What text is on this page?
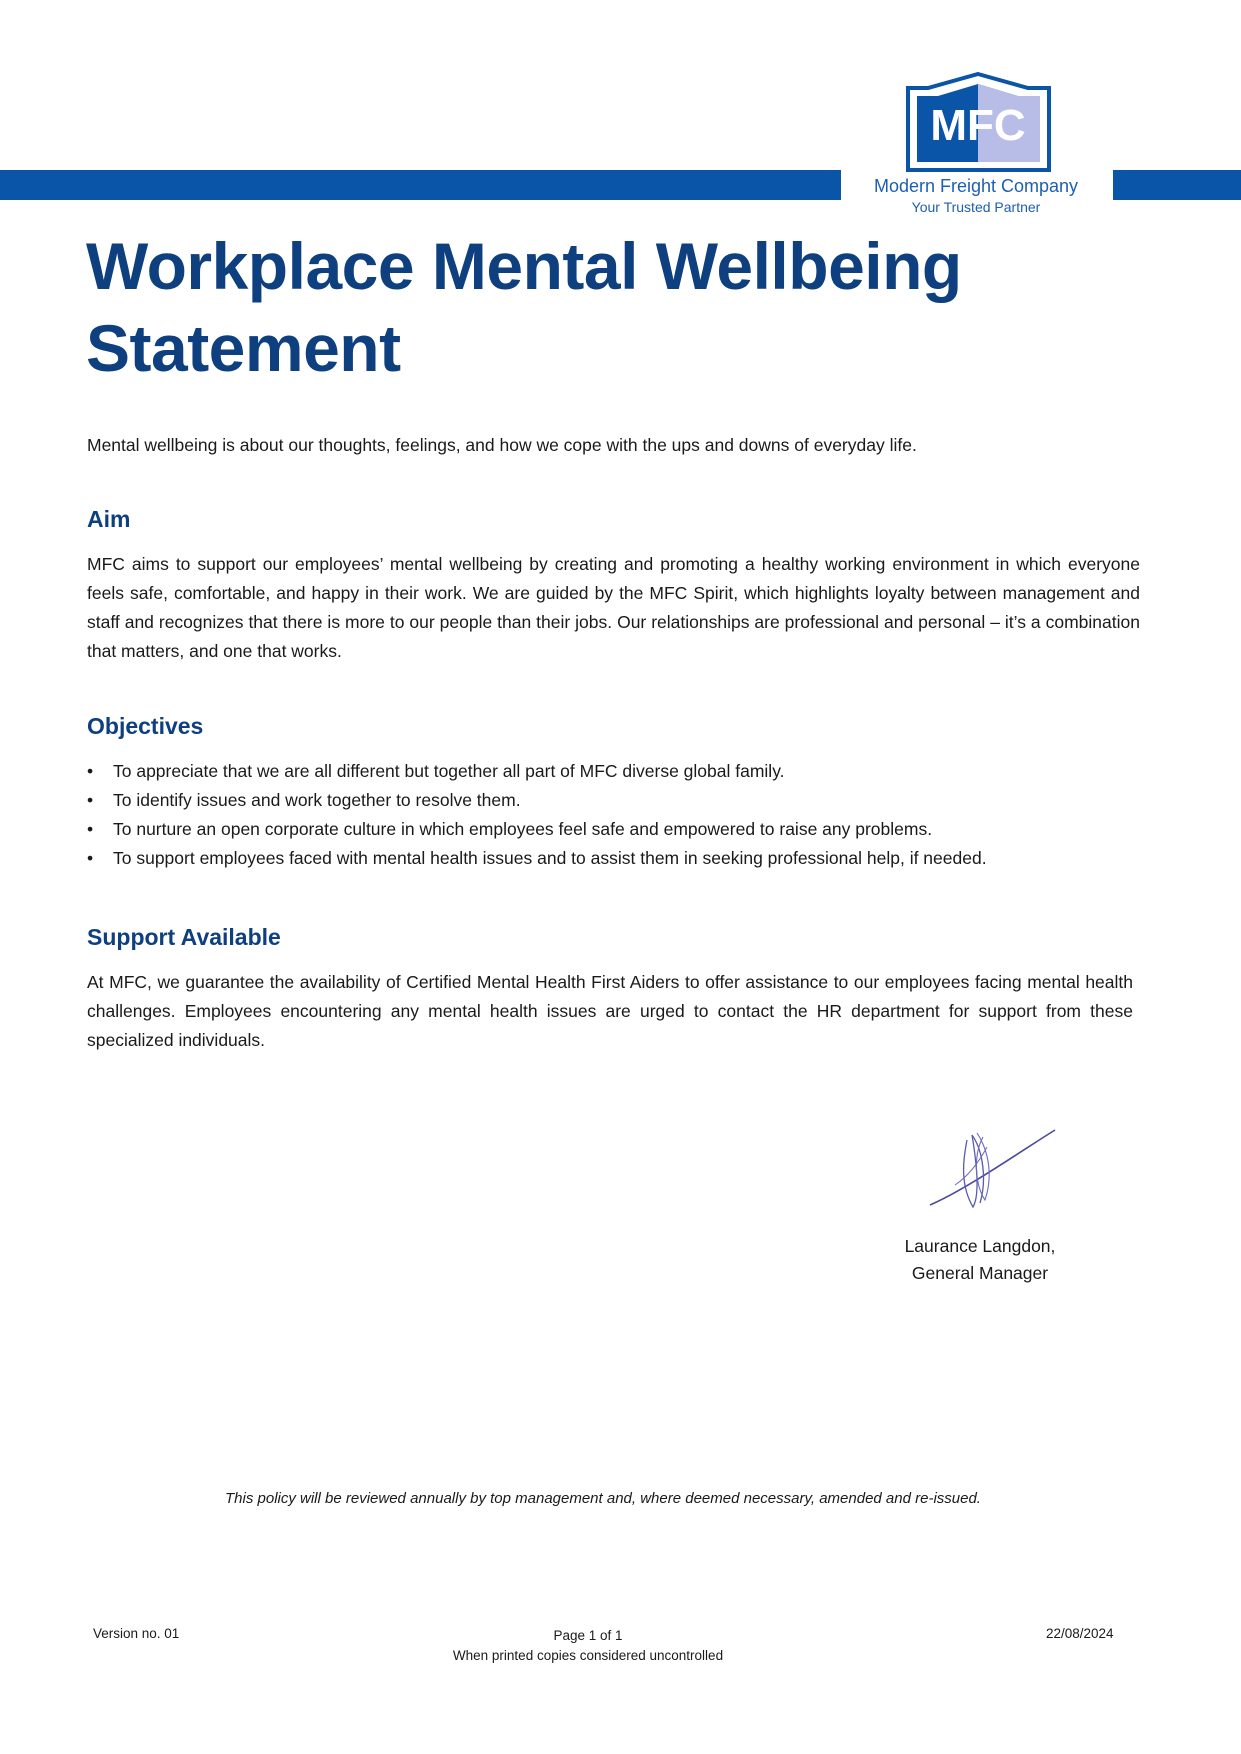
MFC
Modern Freight Company
Your Trusted Partner
Workplace Mental Wellbeing Statement

Mental wellbeing is about our thoughts, feelings, and how we cope with the ups and downs of everyday life.

Aim

MFC aims to support our employees’ mental wellbeing by creating and promoting a healthy working environment in which everyone feels safe, comfortable, and happy in their work. We are guided by the MFC Spirit, which highlights loyalty between management and staff and recognizes that there is more to our people than their jobs. Our relationships are professional and personal – it’s a combination that matters, and one that works.

Objectives
• To appreciate that we are all different but together all part of MFC diverse global family.
• To identify issues and work together to resolve them.
• To nurture an open corporate culture in which employees feel safe and empowered to raise any problems.
• To support employees faced with mental health issues and to assist them in seeking professional help, if needed.
Support Available

At MFC, we guarantee the availability of Certified Mental Health First Aiders to offer assistance to our employees facing mental health challenges. Employees encountering any mental health issues are urged to contact the HR department for support from these specialized individuals.

Laurance Langdon,
General Manager
This policy will be reviewed annually by top management and, where deemed necessary, amended and re-issued.
Version no. 01	Page 1 of 1
When printed copies considered uncontrolled
22/08/2024
